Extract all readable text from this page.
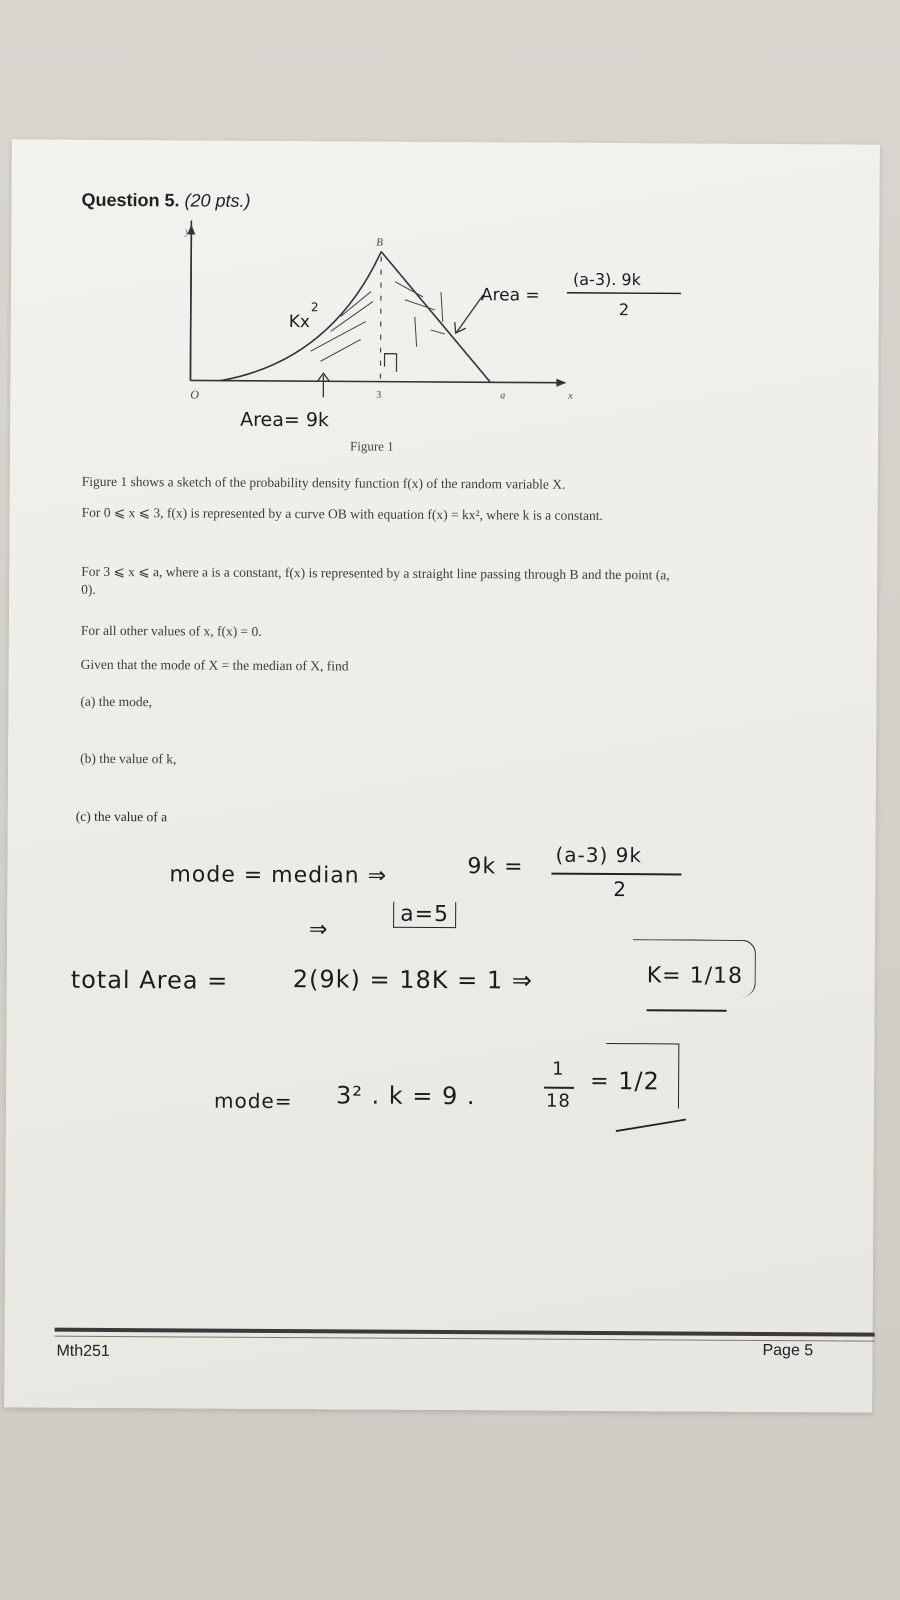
Question 5. (20 pts.)
y
O
B
3	a	x
Kx
2
Area= 9k
Area =
(a-3). 9k
2
Figure 1
Figure 1 shows a sketch of the probability density function f(x) of the random variable X.
For 0 ⩽ x ⩽ 3, f(x) is represented by a curve OB with equation f(x) = kx², where k is a constant.
For 3 ⩽ x ⩽ a, where a is a constant, f(x) is represented by a straight line passing through B and the point (a, 0).
For all other values of x, f(x) = 0.
Given that the mode of X = the median of X, find
(a) the mode,
(b) the value of k,
(c) the value of a
mode = median ⇒	9k = (a-3) 9k
2
⇒
a=5
total Area =	2(9k) = 18K = 1 ⇒	K= 1/18
mode= 3² . k = 9 .
1
18
= 1/2
Mth251	Page 5
